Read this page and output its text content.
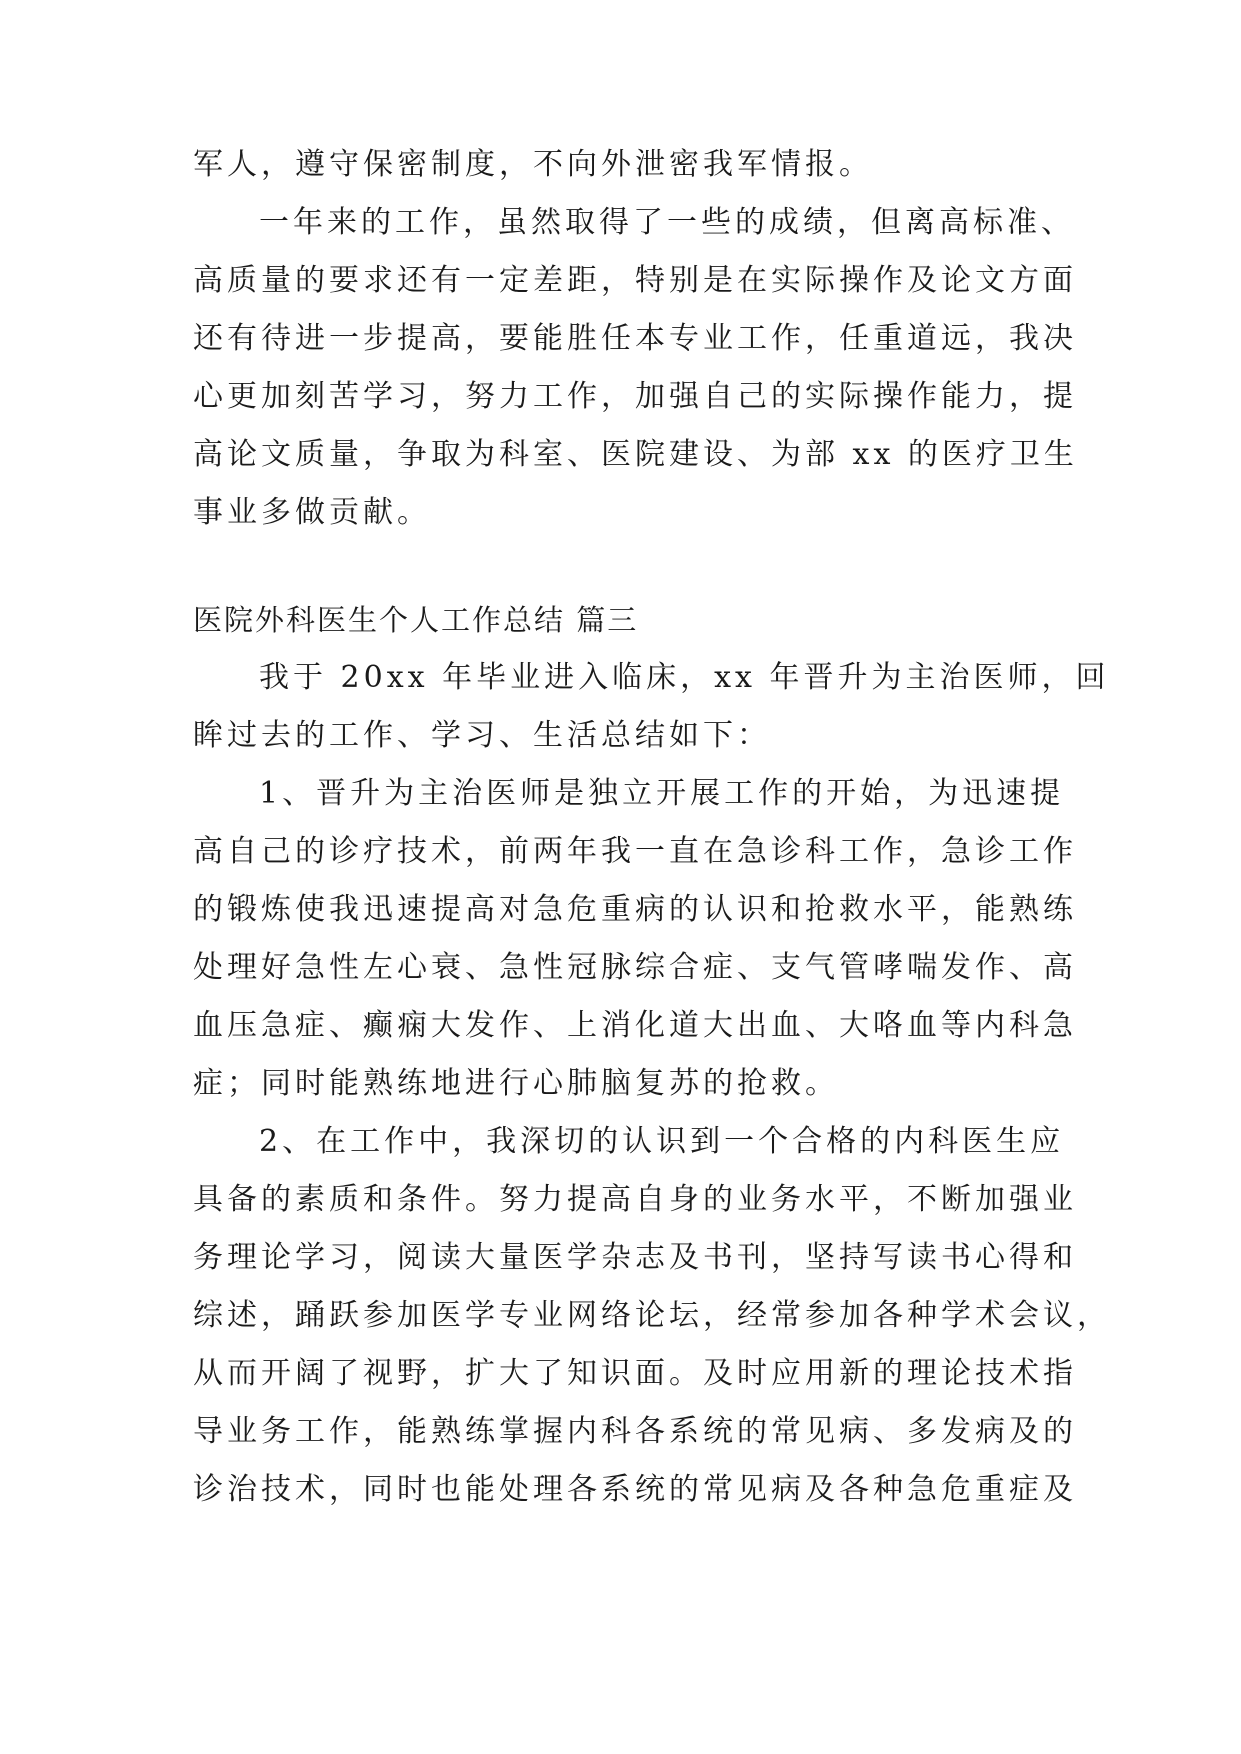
军人，遵守保密制度，不向外泄密我军情报。
一年来的工作，虽然取得了一些的成绩，但离高标准、
高质量的要求还有一定差距，特别是在实际操作及论文方面
还有待进一步提高，要能胜任本专业工作，任重道远，我决
心更加刻苦学习，努力工作，加强自己的实际操作能力，提
高论文质量，争取为科室、医院建设、为部 xx 的医疗卫生
事业多做贡献。
医院外科医生个人工作总结 篇三
我于 20xx 年毕业进入临床，xx 年晋升为主治医师，回
眸过去的工作、学习、生活总结如下：
1、晋升为主治医师是独立开展工作的开始，为迅速提
高自己的诊疗技术，前两年我一直在急诊科工作，急诊工作
的锻炼使我迅速提高对急危重病的认识和抢救水平，能熟练
处理好急性左心衰、急性冠脉综合症、支气管哮喘发作、高
血压急症、癫痫大发作、上消化道大出血、大咯血等内科急
症；同时能熟练地进行心肺脑复苏的抢救。
2、在工作中，我深切的认识到一个合格的内科医生应
具备的素质和条件。努力提高自身的业务水平，不断加强业
务理论学习，阅读大量医学杂志及书刊，坚持写读书心得和
综述，踊跃参加医学专业网络论坛，经常参加各种学术会议，
从而开阔了视野，扩大了知识面。及时应用新的理论技术指
导业务工作，能熟练掌握内科各系统的常见病、多发病及的
诊治技术，同时也能处理各系统的常见病及各种急危重症及
